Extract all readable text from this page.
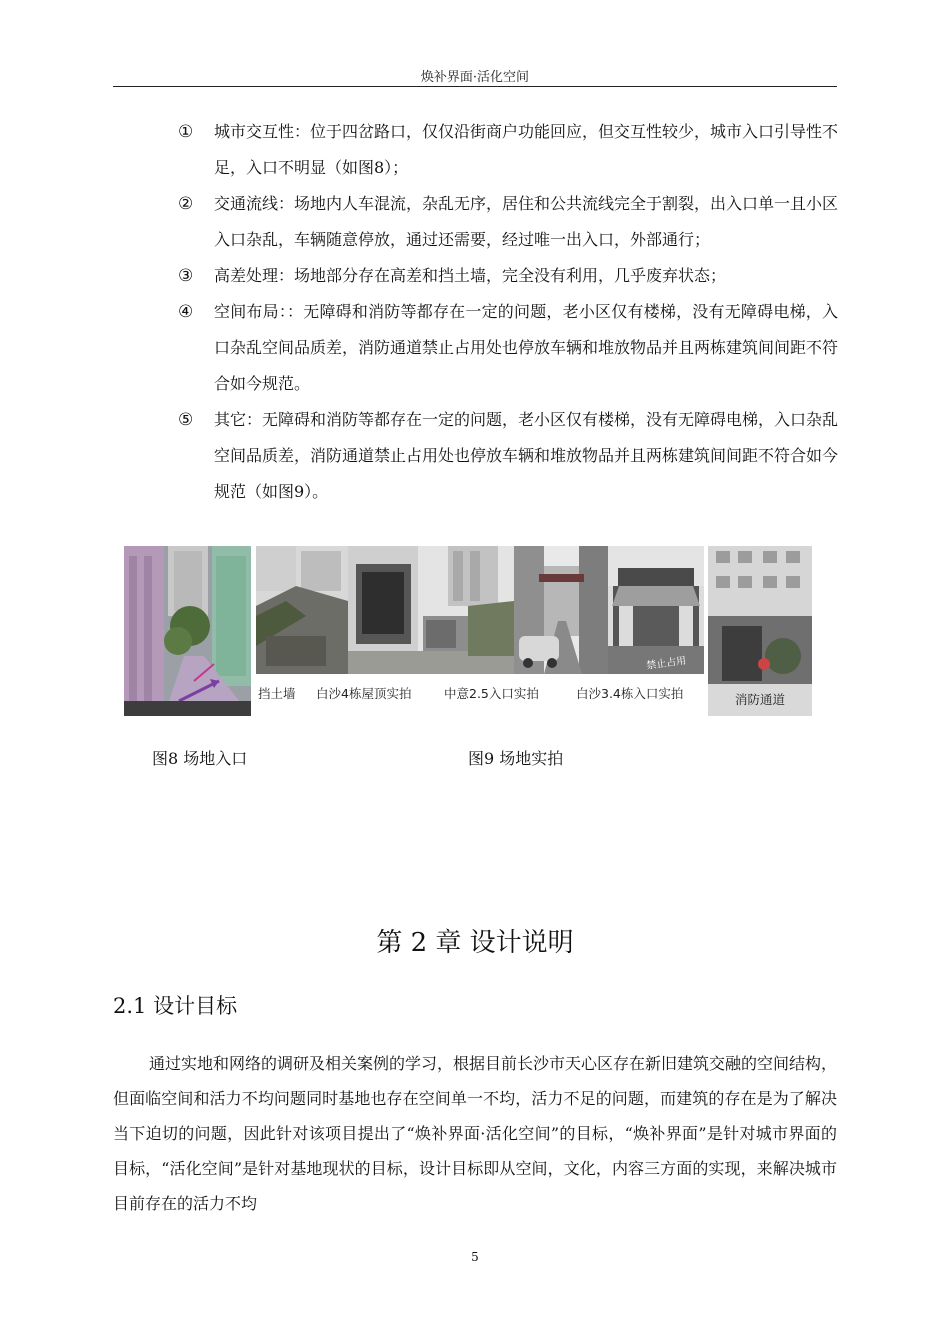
焕补界面·活化空间
①	城市交互性：位于四岔路口，仅仅沿街商户功能回应，但交互性较少，城市入口引导性不足，入口不明显（如图8）；
②	交通流线：场地内人车混流，杂乱无序，居住和公共流线完全于割裂，出入口单一且小区入口杂乱，车辆随意停放，通过还需要，经过唯一出入口，外部通行；
③	高差处理：场地部分存在高差和挡土墙，完全没有利用，几乎废弃状态；
④	空间布局：：无障碍和消防等都存在一定的问题，老小区仅有楼梯，没有无障碍电梯，入口杂乱空间品质差，消防通道禁止占用处也停放车辆和堆放物品并且两栋建筑间间距不符合如今规范。
⑤	其它：无障碍和消防等都存在一定的问题，老小区仅有楼梯，没有无障碍电梯，入口杂乱空间品质差，消防通道禁止占用处也停放车辆和堆放物品并且两栋建筑间间距不符合如今规范（如图9）。
禁止占用
挡土墙 白沙4栋屋顶实拍	中意2.5入口实拍	白沙3.4栋入口实拍	消防通道
图8 场地入口	图9 场地实拍
第 2 章 设计说明
2.1 设计目标
通过实地和网络的调研及相关案例的学习，根据目前长沙市天心区存在新旧建筑交融的空间结构，但面临空间和活力不均问题同时基地也存在空间单一不均，活力不足的问题，而建筑的存在是为了解决当下迫切的问题，因此针对该项目提出了“焕补界面·活化空间”的目标，“焕补界面”是针对城市界面的目标，“活化空间”是针对基地现状的目标，设计目标即从空间，文化，内容三方面的实现，来解决城市目前存在的活力不均
5
